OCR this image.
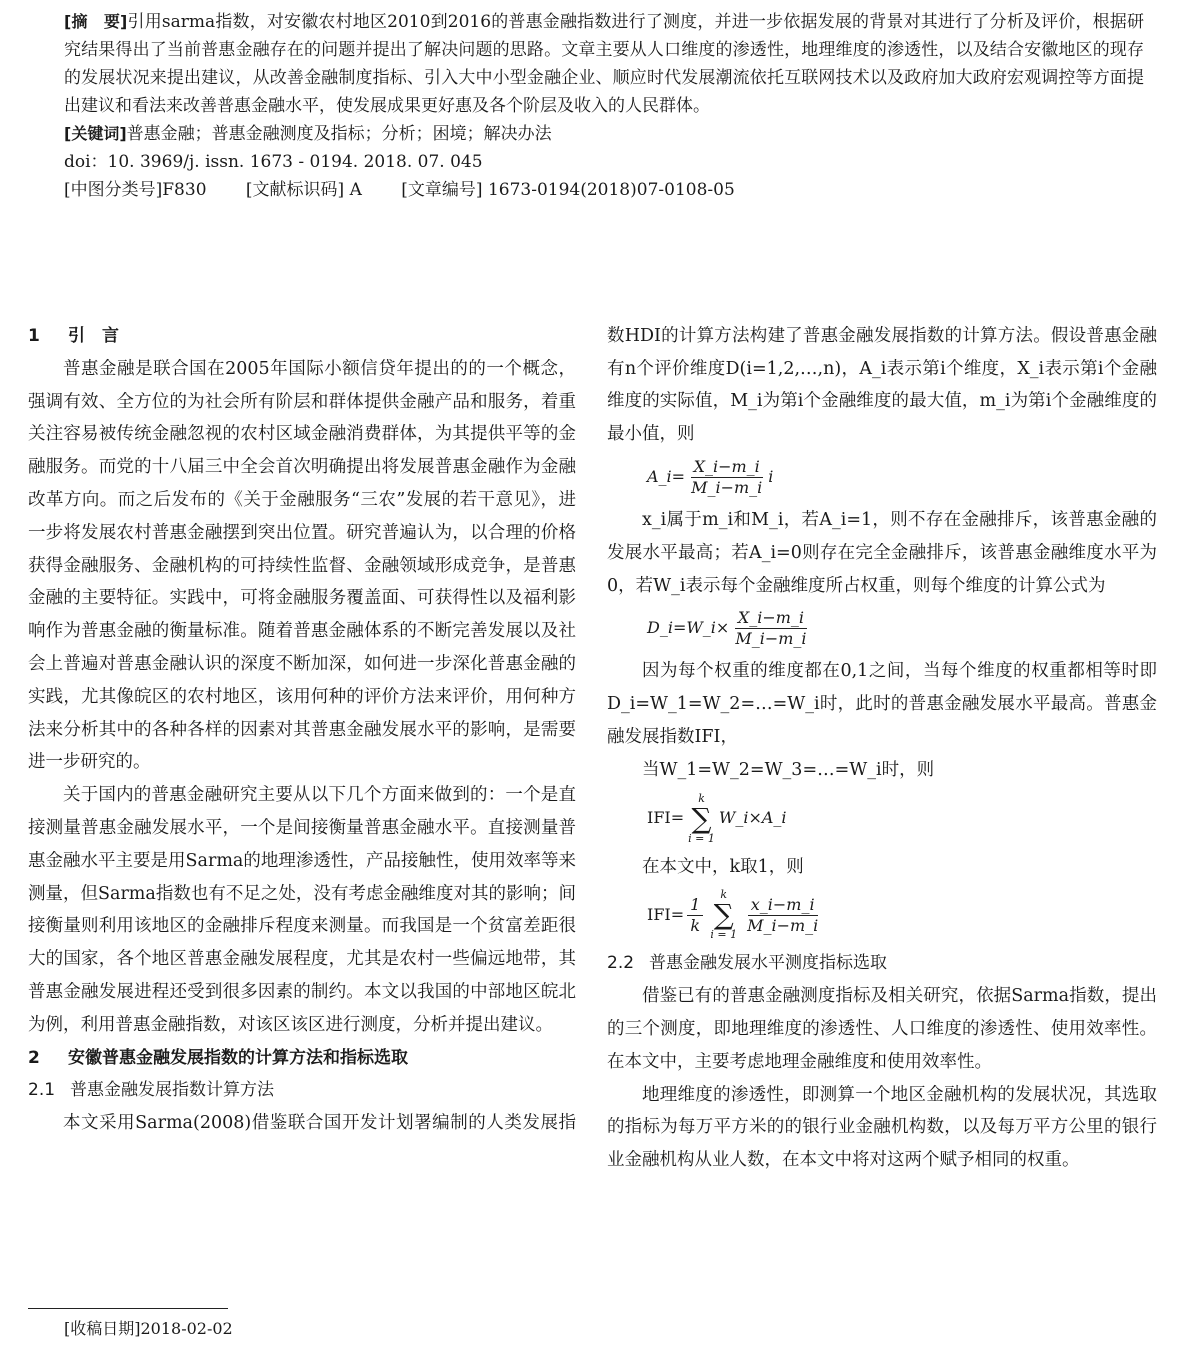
[摘　要]引用sarma指数，对安徽农村地区2010到2016的普惠金融指数进行了测度，并进一步依据发展的背景对其进行了分析及评价，根据研究结果得出了当前普惠金融存在的问题并提出了解决问题的思路。文章主要从人口维度的渗透性，地理维度的渗透性，以及结合安徽地区的现存的发展状况来提出建议，从改善金融制度指标、引入大中小型金融企业、顺应时代发展潮流依托互联网技术以及政府加大政府宏观调控等方面提出建议和看法来改善普惠金融水平，使发展成果更好惠及各个阶层及收入的人民群体。

[关键词]普惠金融；普惠金融测度及指标；分析；困境；解决办法

doi：10. 3969/j. issn. 1673 - 0194. 2018. 07. 045

[中图分类号]F830 [文献标识码] A [文章编号] 1673-0194(2018)07-0108-05

1 引　言

普惠金融是联合国在2005年国际小额信贷年提出的的一个概念，强调有效、全方位的为社会所有阶层和群体提供金融产品和服务，着重关注容易被传统金融忽视的农村区域金融消费群体，为其提供平等的金融服务。而党的十八届三中全会首次明确提出将发展普惠金融作为金融改革方向。而之后发布的《关于金融服务“三农”发展的若干意见》，进一步将发展农村普惠金融摆到突出位置。研究普遍认为，以合理的价格获得金融服务、金融机构的可持续性监督、金融领域形成竞争，是普惠金融的主要特征。实践中，可将金融服务覆盖面、可获得性以及福利影响作为普惠金融的衡量标准。随着普惠金融体系的不断完善发展以及社会上普遍对普惠金融认识的深度不断加深，如何进一步深化普惠金融的实践，尤其像皖区的农村地区，该用何种的评价方法来评价，用何种方法来分析其中的各种各样的因素对其普惠金融发展水平的影响，是需要进一步研究的。

关于国内的普惠金融研究主要从以下几个方面来做到的：一个是直接测量普惠金融发展水平，一个是间接衡量普惠金融水平。直接测量普惠金融水平主要是用Sarma的地理渗透性，产品接触性，使用效率等来测量，但Sarma指数也有不足之处，没有考虑金融维度对其的影响；间接衡量则利用该地区的金融排斥程度来测量。而我国是一个贫富差距很大的国家，各个地区普惠金融发展程度，尤其是农村一些偏远地带，其普惠金融发展进程还受到很多因素的制约。本文以我国的中部地区皖北为例，利用普惠金融指数，对该区该区进行测度，分析并提出建议。

2 安徽普惠金融发展指数的计算方法和指标选取

2.1 普惠金融发展指数计算方法

本文采用Sarma(2008)借鉴联合国开发计划署编制的人类发展指

数HDI的计算方法构建了普惠金融发展指数的计算方法。假设普惠金融有n个评价维度D(i=1,2,…,n)，A_i表示第i个维度，X_i表示第i个金融维度的实际值，M_i为第i个金融维度的最大值，m_i为第i个金融维度的最小值，则

A_i= $\frac{X\_i-m\_i}{M\_i-m\_i}$ i

x_i属于m_i和M_i，若A_i=1，则不存在金融排斥，该普惠金融的发展水平最高；若A_i=0则存在完全金融排斥，该普惠金融维度水平为0，若W_i表示每个金融维度所占权重，则每个维度的计算公式为

D_i=W_i× $\frac{X\_i-m\_i}{M\_i-m\_i}$

因为每个权重的维度都在0,1之间，当每个维度的权重都相等时即D_i=W_1=W_2=…=W_i时，此时的普惠金融发展水平最高。普惠金融发展指数IFI，

当W_1=W_2=W_3=…=W_i时，则

IFI=
k
∑
i = 1
W_i×A_i

在本文中，k取1，则

$IFI= \frac{1}{k}$ k
∑
$i = 1 \frac{x\_i-m\_i}{M\_i-m\_i}$

2.2 普惠金融发展水平测度指标选取

借鉴已有的普惠金融测度指标及相关研究，依据Sarma指数，提出的三个测度，即地理维度的渗透性、人口维度的渗透性、使用效率性。在本文中，主要考虑地理金融维度和使用效率性。

地理维度的渗透性，即测算一个地区金融机构的发展状况，其选取的指标为每万平方米的的银行业金融机构数，以及每万平方公里的银行业金融机构从业人数，在本文中将对这两个赋予相同的权重。

[收稿日期]2018-02-02
